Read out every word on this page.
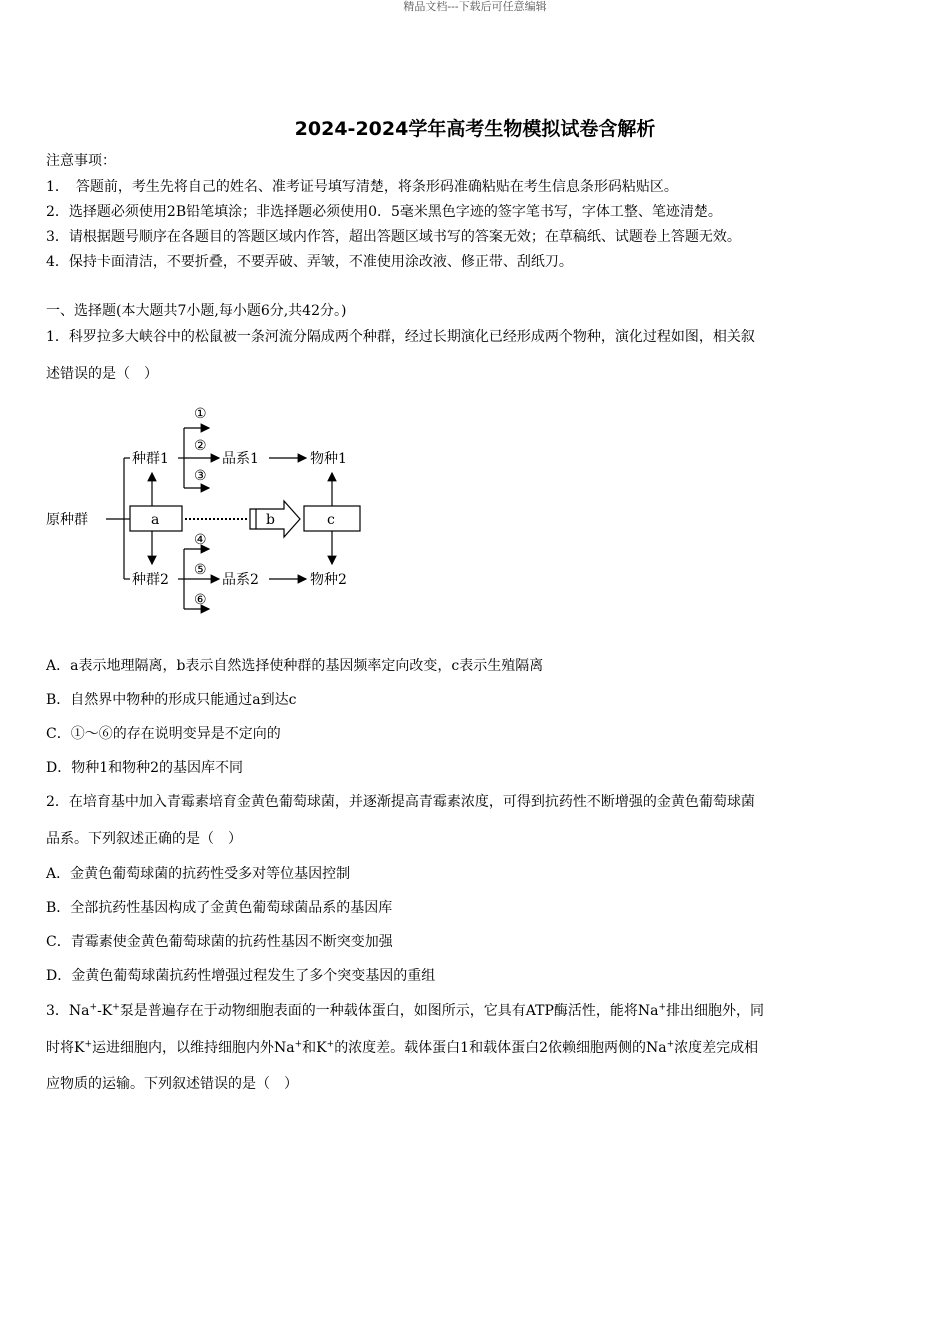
精品文档---下载后可任意编辑
2024-2024学年高考生物模拟试卷含解析
注意事项：
1．　答题前，考生先将自己的姓名、准考证号填写清楚，将条形码准确粘贴在考生信息条形码粘贴区。
2．选择题必须使用2B铅笔填涂；非选择题必须使用0．5毫米黑色字迹的签字笔书写，字体工整、笔迹清楚。
3．请根据题号顺序在各题目的答题区域内作答，超出答题区域书写的答案无效；在草稿纸、试题卷上答题无效。
4．保持卡面清洁，不要折叠，不要弄破、弄皱，不准使用涂改液、修正带、刮纸刀。
一、选择题(本大题共7小题,每小题6分,共42分。)
1．科罗拉多大峡谷中的松鼠被一条河流分隔成两个种群，经过长期演化已经形成两个物种，演化过程如图，相关叙
述错误的是（　）
原种群
种群1
种群2
品系1
品系2
物种1
物种2
a	b	c
①
②
③
④
⑤
⑥
A．a表示地理隔离，b表示自然选择使种群的基因频率定向改变，c表示生殖隔离
B．自然界中物种的形成只能通过a到达c
C．①～⑥的存在说明变异是不定向的
D．物种1和物种2的基因库不同
2．在培育基中加入青霉素培育金黄色葡萄球菌，并逐渐提高青霉素浓度，可得到抗药性不断增强的金黄色葡萄球菌
品系。下列叙述正确的是（　）
A．金黄色葡萄球菌的抗药性受多对等位基因控制
B．全部抗药性基因构成了金黄色葡萄球菌品系的基因库
C．青霉素使金黄色葡萄球菌的抗药性基因不断突变加强
D．金黄色葡萄球菌抗药性增强过程发生了多个突变基因的重组
3．Na+-K+泵是普遍存在于动物细胞表面的一种载体蛋白，如图所示，它具有ATP酶活性，能将Na+排出细胞外，同
时将K+运进细胞内，以维持细胞内外Na+和K+的浓度差。载体蛋白1和载体蛋白2依赖细胞两侧的Na+浓度差完成相
应物质的运输。下列叙述错误的是（　）
